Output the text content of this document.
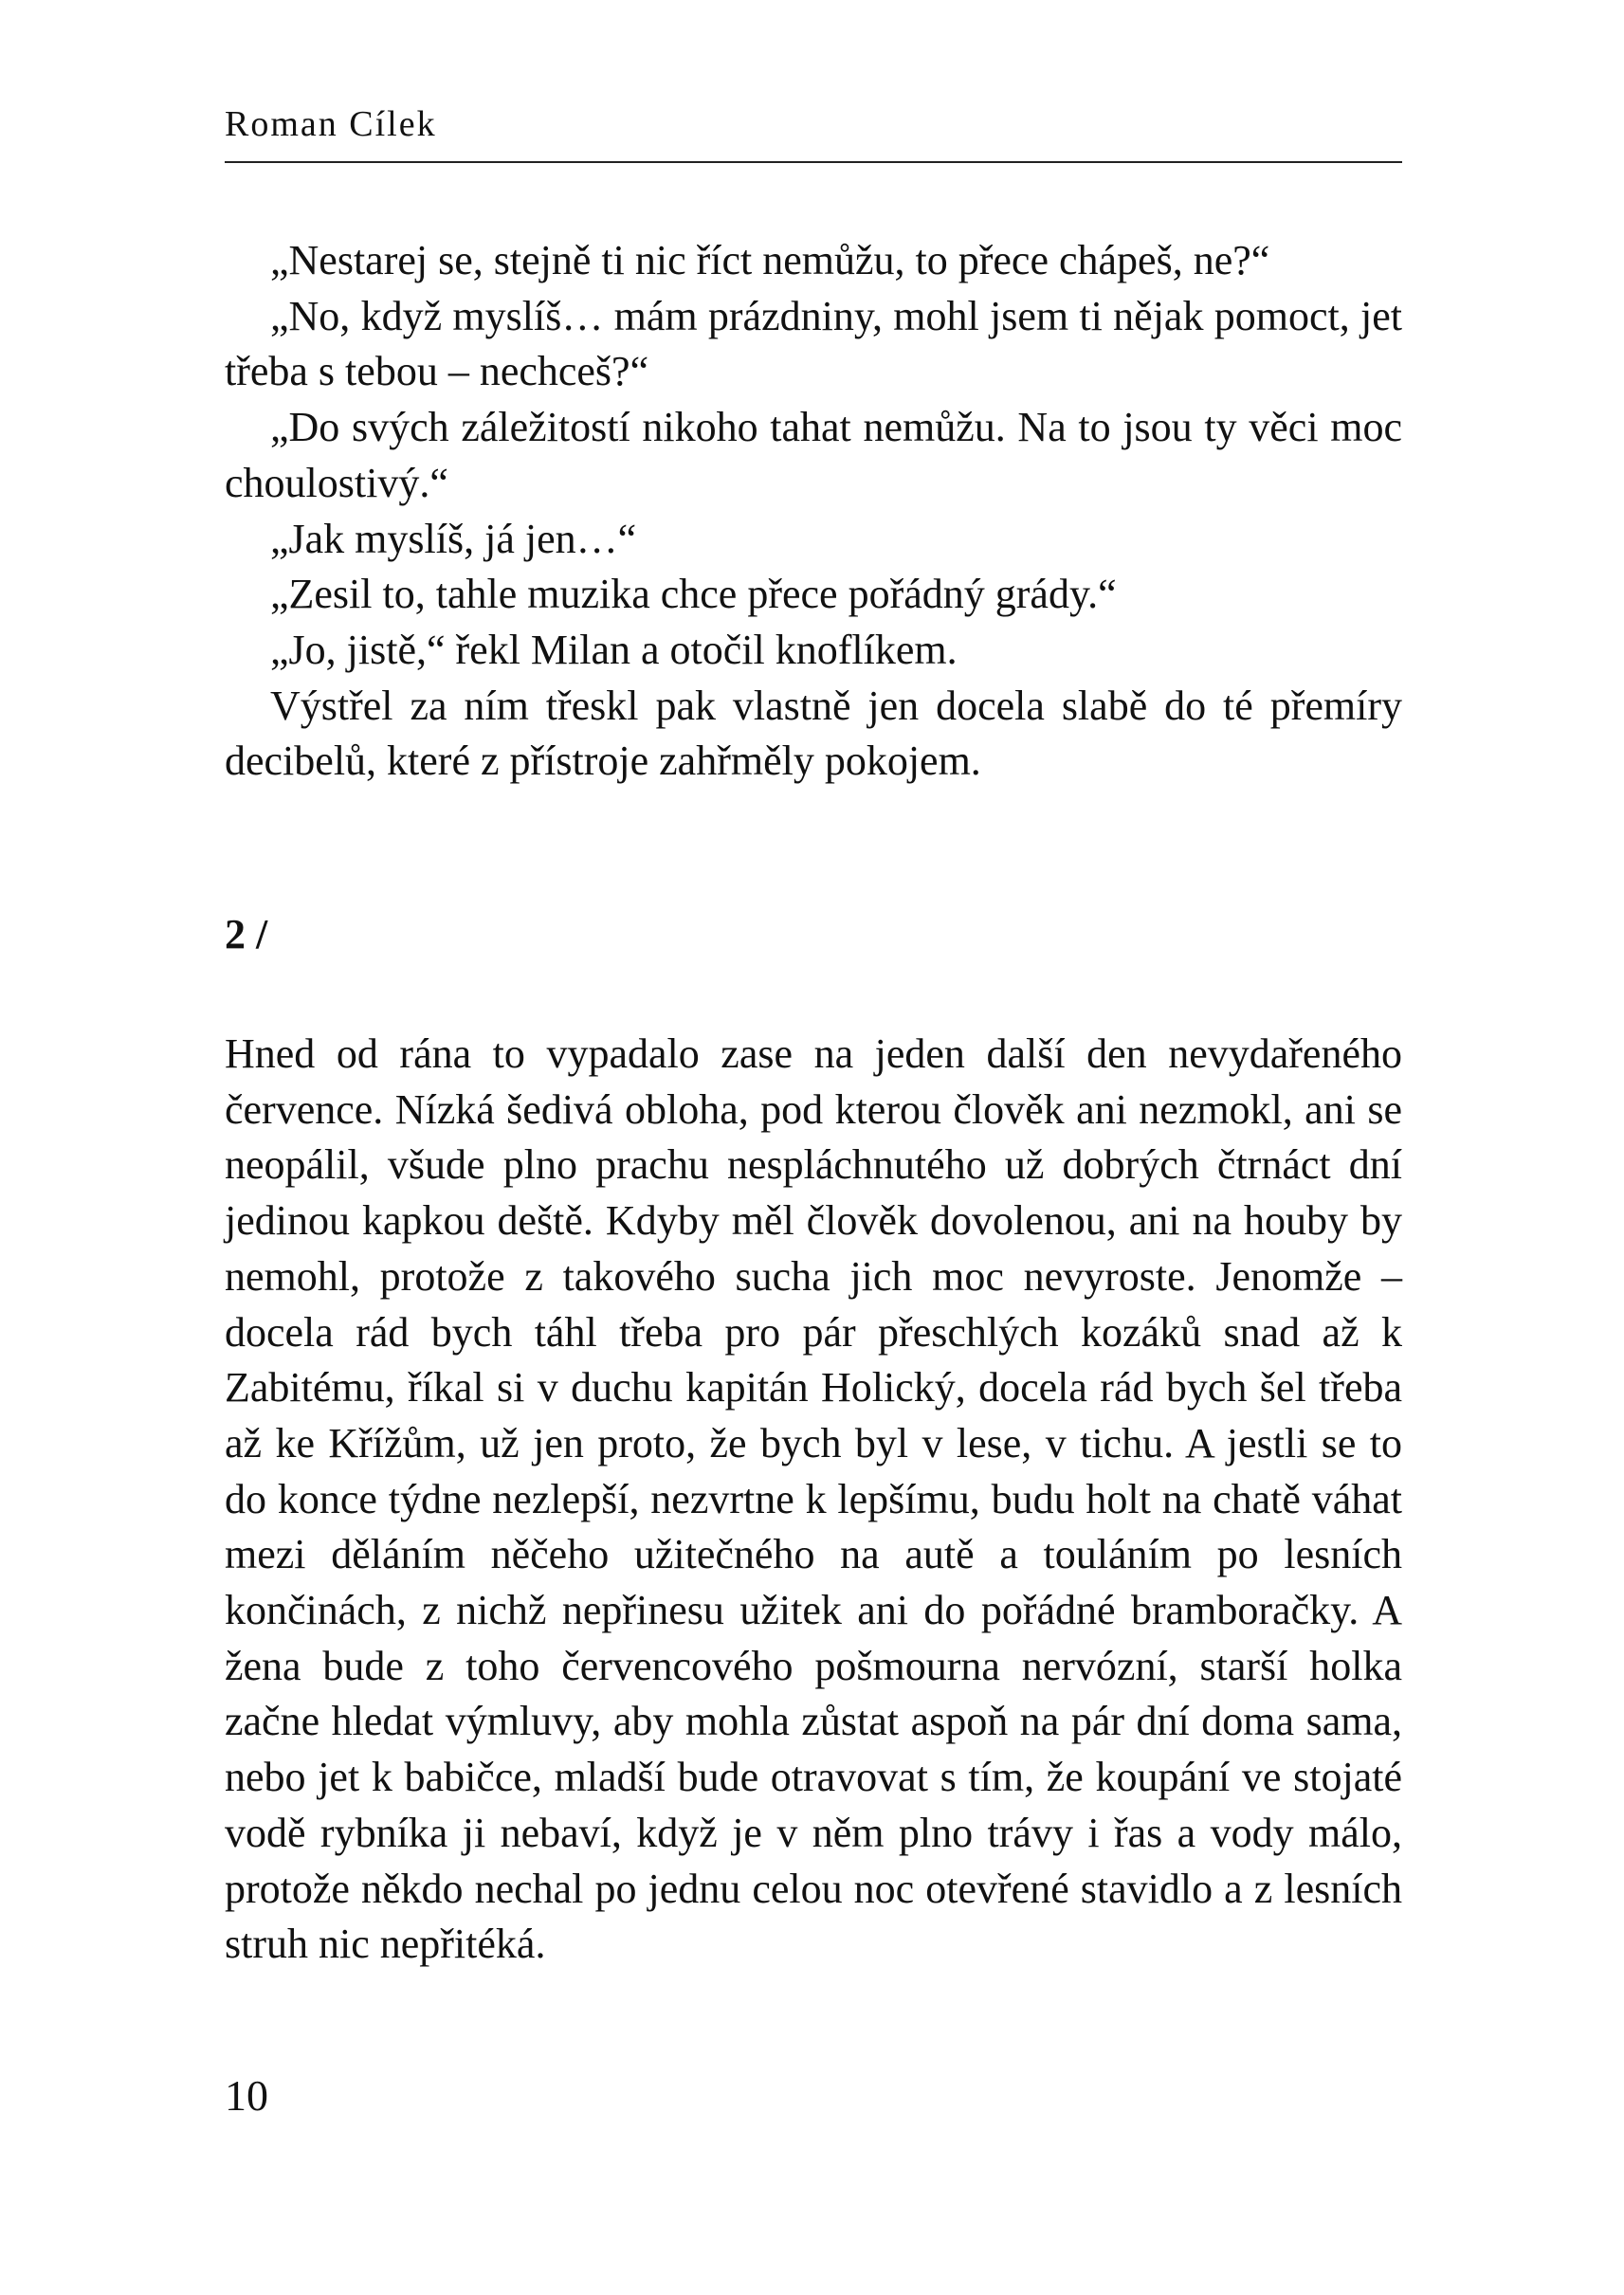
Roman Cílek

„Nestarej se, stejně ti nic říct nemůžu, to přece chápeš, ne?“

„No, když myslíš… mám prázdniny, mohl jsem ti nějak pomoct, jet třeba s tebou – nechceš?“

„Do svých záležitostí nikoho tahat nemůžu. Na to jsou ty věci moc choulostivý.“

„Jak myslíš, já jen…“

„Zesil to, tahle muzika chce přece pořádný grády.“

„Jo, jistě,“ řekl Milan a otočil knoflíkem.

Výstřel za ním třeskl pak vlastně jen docela slabě do té přemíry decibelů, které z přístroje zahřměly pokojem.

2 /

Hned od rána to vypadalo zase na jeden další den nevydařeného července. Nízká šedivá obloha, pod kterou člověk ani nezmokl, ani se neopálil, všude plno prachu nespláchnutého už dobrých čtrnáct dní jedinou kapkou deště. Kdyby měl člověk dovolenou, ani na houby by nemohl, protože z takového sucha jich moc nevyroste. Jenomže – docela rád bych táhl třeba pro pár přeschlých kozáků snad až k Zabitému, říkal si v duchu kapitán Holický, docela rád bych šel třeba až ke Křížům, už jen proto, že bych byl v lese, v tichu. A jestli se to do konce týdne nezlepší, nezvrtne k lepšímu, budu holt na chatě váhat mezi děláním něčeho užitečného na autě a touláním po lesních končinách, z nichž nepřinesu užitek ani do pořádné bramboračky. A žena bude z toho červencového pošmourna nervózní, starší holka začne hledat výmluvy, aby mohla zůstat aspoň na pár dní doma sama, nebo jet k babičce, mladší bude otravovat s tím, že koupání ve stojaté vodě rybníka ji nebaví, když je v něm plno trávy i řas a vody málo, protože někdo nechal po jednu celou noc otevřené stavidlo a z lesních struh nic nepřitéká.

10
